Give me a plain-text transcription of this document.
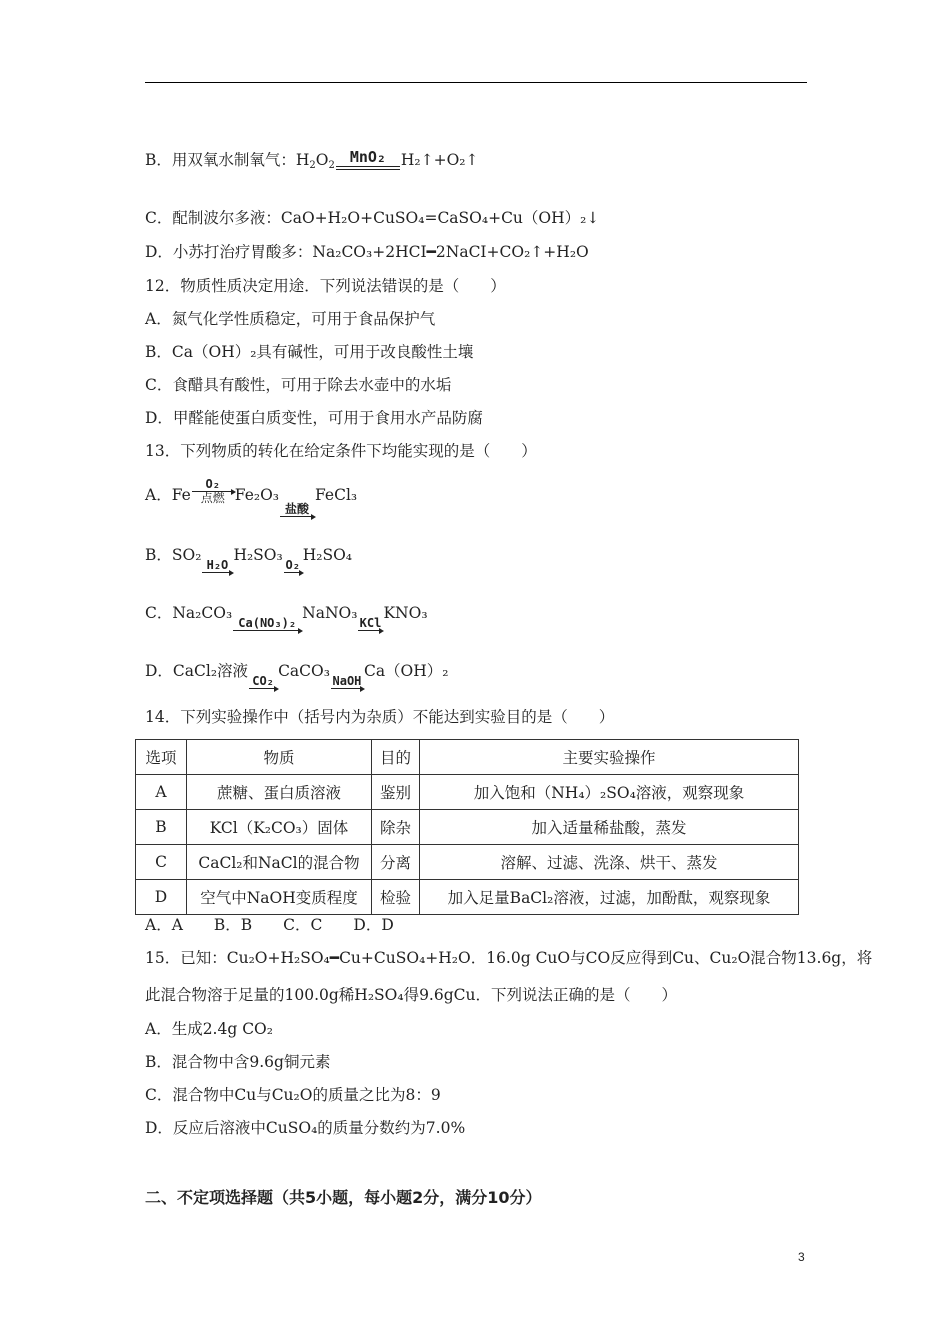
B．用双氧水制氧气：$H_2O_2$ MnO₂ H₂↑+O₂↑
C．配制波尔多液：CaO+H₂O+CuSO₄=CaSO₄+Cu（OH）₂↓
D．小苏打治疗胃酸多：Na₂CO₃+2HCI━2NaCI+CO₂↑+H₂O
12．物质性质决定用途．下列说法错误的是（　　）
A．氮气化学性质稳定，可用于食品保护气
B．Ca（OH）₂具有碱性，可用于改良酸性土壤
C．食醋具有酸性，可用于除去水壶中的水垢
D．甲醛能使蛋白质变性，可用于食用水产品防腐
13．下列物质的转化在给定条件下均能实现的是（　　）
A．Fe
O₂
点燃 Fe₂O₃
盐酸
FeCl₃
B．SO₂
H₂O
H₂SO₃
O₂
H₂SO₄
C．Na₂CO₃
Ca(NO₃)₂
NaNO₃
KCl
KNO₃
D．CaCl₂溶液
CO₂
CaCO₃
NaOH
Ca（OH）₂
14．下列实验操作中（括号内为杂质）不能达到实验目的是（　　）
选项	物质	目的	主要实验操作
A	蔗糖、蛋白质溶液	鉴别	加入饱和（NH₄）₂SO₄溶液，观察现象
B	KCl（K₂CO₃）固体	除杂	加入适量稀盐酸，蒸发
C	CaCl₂和NaCl的混合物	分离	溶解、过滤、洗涤、烘干、蒸发
D	空气中NaOH变质程度	检验	加入足量BaCl₂溶液，过滤，加酚酞，观察现象
A．A　　B．B　　C．C　　D．D
15．已知：Cu₂O+H₂SO₄━Cu+CuSO₄+H₂O．16.0g CuO与CO反应得到Cu、Cu₂O混合物13.6g，将
此混合物溶于足量的100.0g稀H₂SO₄得9.6gCu．下列说法正确的是（　　）
A．生成2.4g CO₂
B．混合物中含9.6g铜元素
C．混合物中Cu与Cu₂O的质量之比为8：9
D．反应后溶液中CuSO₄的质量分数约为7.0%
二、不定项选择题（共5小题，每小题2分，满分10分）
3
